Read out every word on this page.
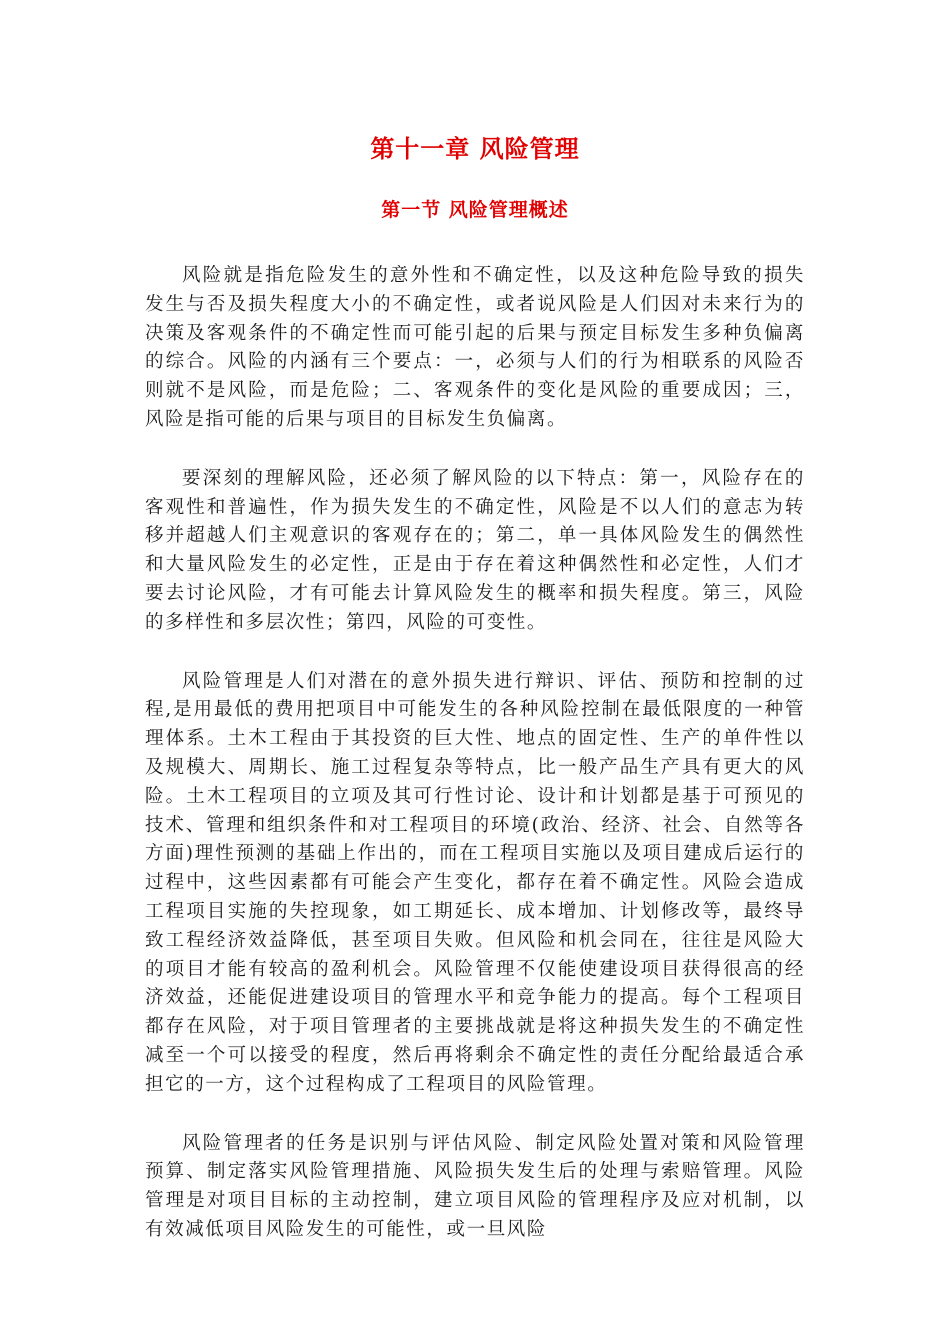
第十一章 风险管理
第一节 风险管理概述

风险就是指危险发生的意外性和不确定性，以及这种危险导致的损失发生与否及损失程度大小的不确定性，或者说风险是人们因对未来行为的决策及客观条件的不确定性而可能引起的后果与预定目标发生多种负偏离的综合。风险的内涵有三个要点：一，必须与人们的行为相联系的风险否则就不是风险，而是危险；二、客观条件的变化是风险的重要成因；三，风险是指可能的后果与项目的目标发生负偏离。

要深刻的理解风险，还必须了解风险的以下特点：第一，风险存在的客观性和普遍性，作为损失发生的不确定性，风险是不以人们的意志为转移并超越人们主观意识的客观存在的；第二，单一具体风险发生的偶然性和大量风险发生的必定性，正是由于存在着这种偶然性和必定性，人们才要去讨论风险，才有可能去计算风险发生的概率和损失程度。第三，风险的多样性和多层次性；第四，风险的可变性。

风险管理是人们对潜在的意外损失进行辩识、评估、预防和控制的过程,是用最低的费用把项目中可能发生的各种风险控制在最低限度的一种管理体系。土木工程由于其投资的巨大性、地点的固定性、生产的单件性以及规模大、周期长、施工过程复杂等特点，比一般产品生产具有更大的风险。土木工程项目的立项及其可行性讨论、设计和计划都是基于可预见的技术、管理和组织条件和对工程项目的环境(政治、经济、社会、自然等各方面)理性预测的基础上作出的，而在工程项目实施以及项目建成后运行的过程中，这些因素都有可能会产生变化，都存在着不确定性。风险会造成工程项目实施的失控现象，如工期延长、成本增加、计划修改等，最终导致工程经济效益降低，甚至项目失败。但风险和机会同在，往往是风险大的项目才能有较高的盈利机会。风险管理不仅能使建设项目获得很高的经济效益，还能促进建设项目的管理水平和竞争能力的提高。每个工程项目都存在风险，对于项目管理者的主要挑战就是将这种损失发生的不确定性减至一个可以接受的程度，然后再将剩余不确定性的责任分配给最适合承担它的一方，这个过程构成了工程项目的风险管理。

风险管理者的任务是识别与评估风险、制定风险处置对策和风险管理预算、制定落实风险管理措施、风险损失发生后的处理与索赔管理。风险管理是对项目目标的主动控制，建立项目风险的管理程序及应对机制，以有效减低项目风险发生的可能性，或一旦风险
